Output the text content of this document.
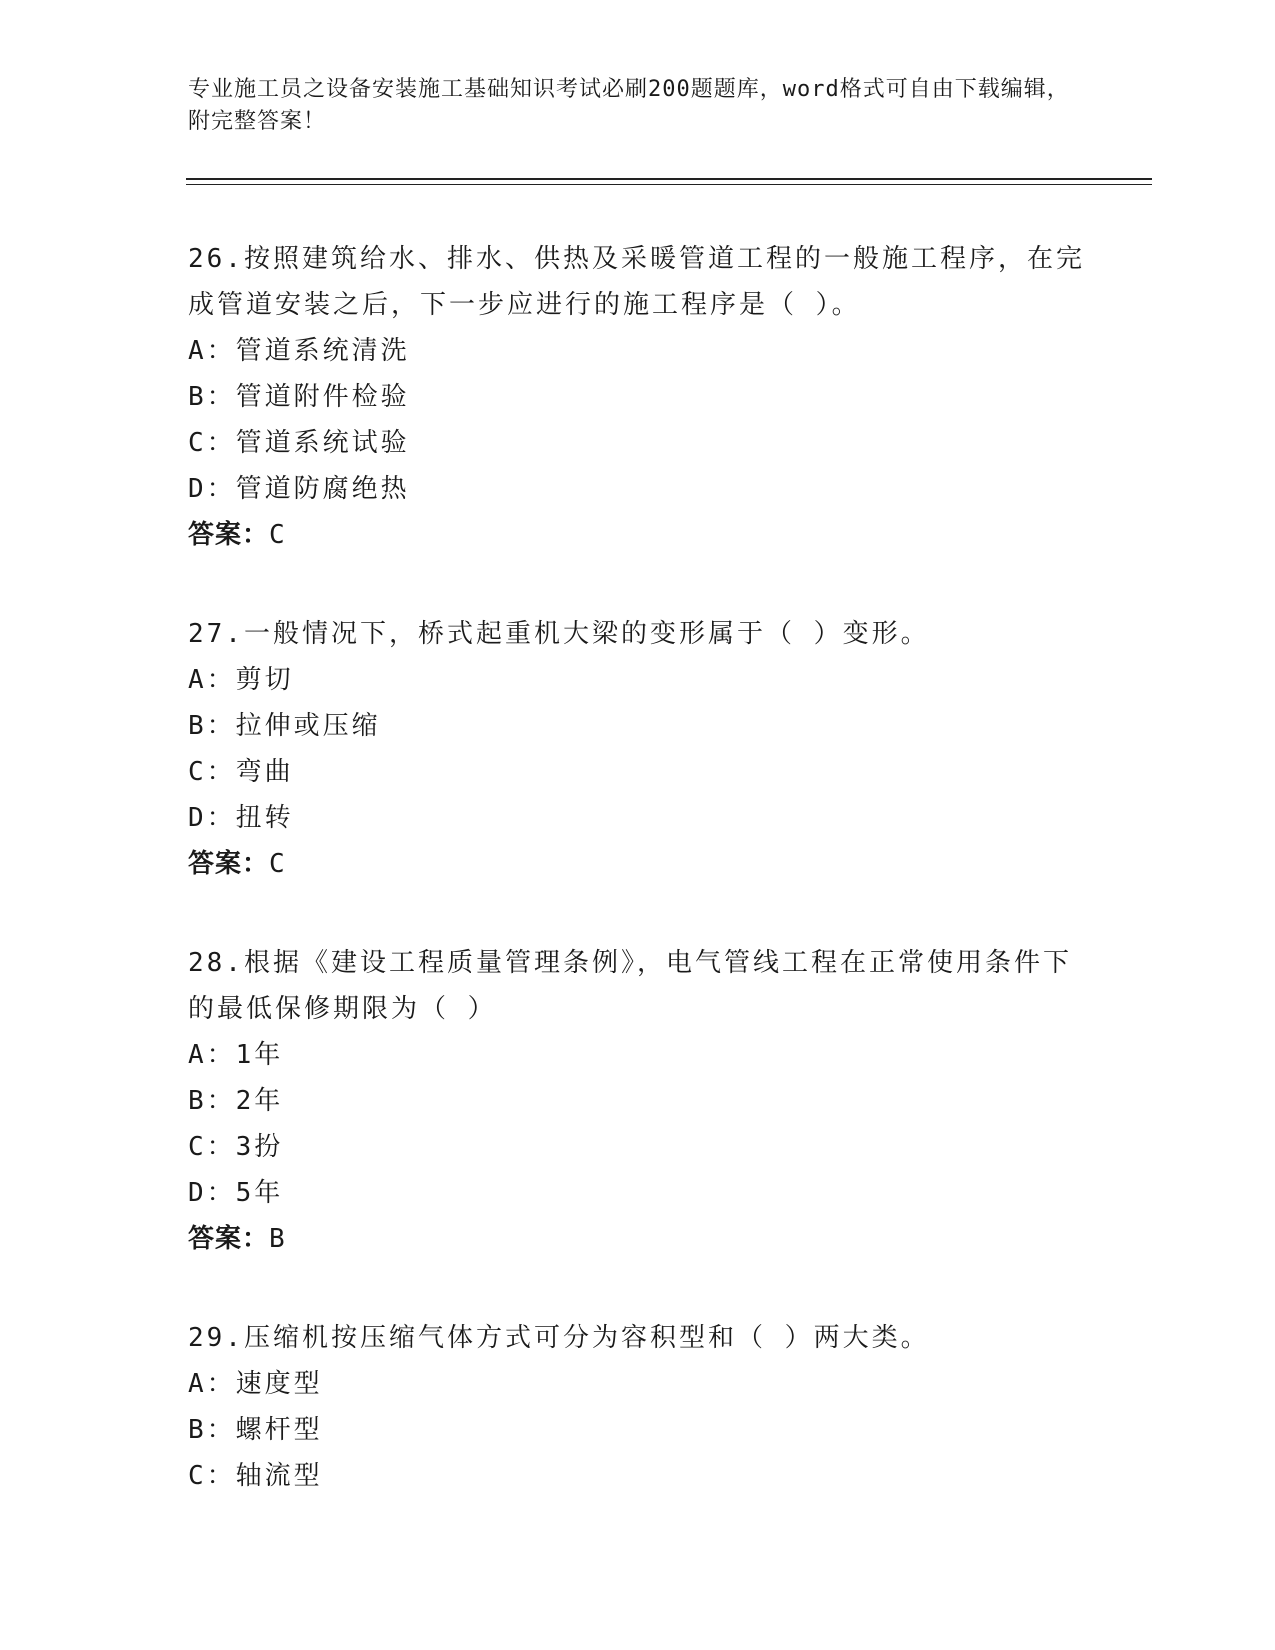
专业施工员之设备安装施工基础知识考试必刷200题题库，word格式可自由下载编辑，附完整答案！
26.按照建筑给水、排水、供热及采暖管道工程的一般施工程序，在完成管道安装之后，下一步应进行的施工程序是（ ）。
A：管道系统清洗
B：管道附件检验
C：管道系统试验
D：管道防腐绝热
答案：C
27.一般情况下，桥式起重机大梁的变形属于（ ）变形。
A：剪切
B：拉伸或压缩
C：弯曲
D：扭转
答案：C
28.根据《建设工程质量管理条例》，电气管线工程在正常使用条件下的最低保修期限为（ ）
A：1年
B：2年
C：3扮
D：5年
答案：B
29.压缩机按压缩气体方式可分为容积型和（ ）两大类。
A：速度型
B：螺杆型
C：轴流型
